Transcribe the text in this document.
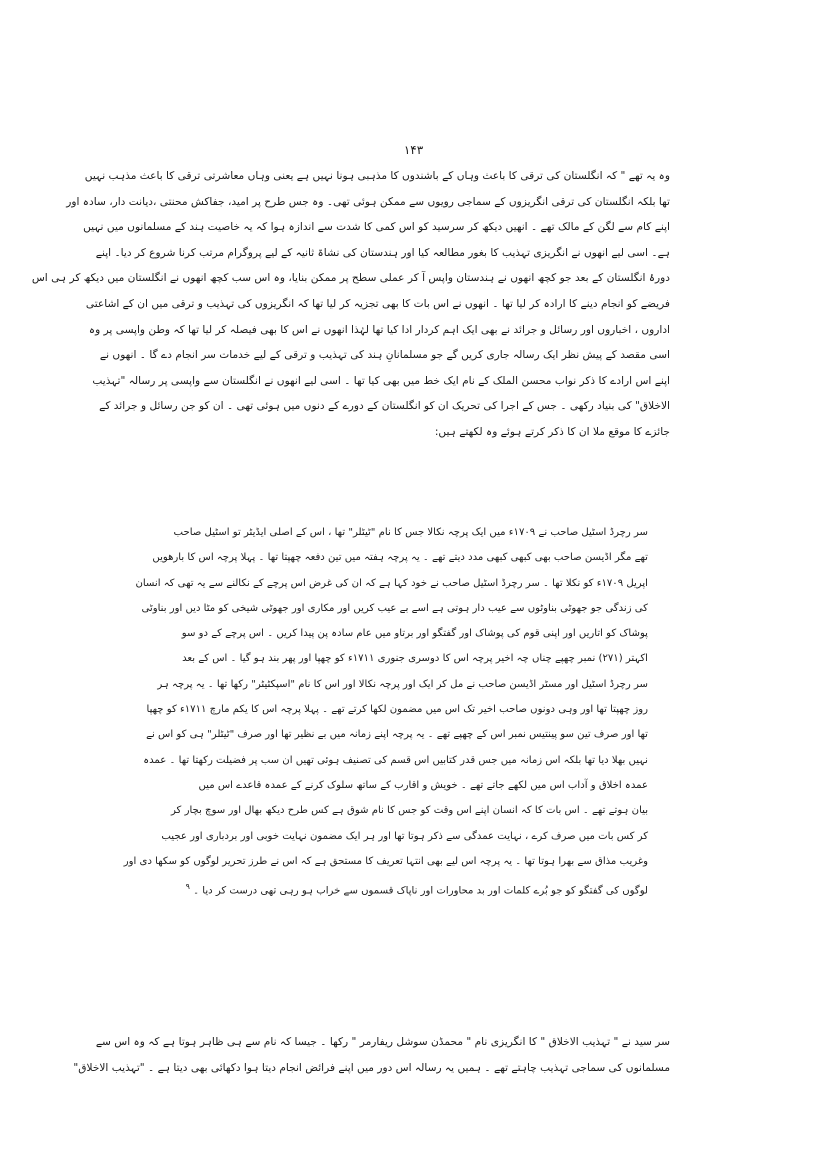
۱۴۳
وہ یہ تھے " کہ انگلستان کی ترقی کا باعث وہاں کے باشندوں کا مذہبی ہونا نہیں ہے یعنی وہاں معاشرتی ترقی کا باعث مذہب نہیں
تھا بلکہ انگلستان کی ترقی انگریزوں کے سماجی رویوں سے ممکن ہوئی تھی۔ وہ جس طرح پر امید، جفاکش محنتی ،دیانت دار، سادہ اور
اپنے کام سے لگن کے مالک تھے ۔ انھیں دیکھ کر سرسید کو اس کمی کا شدت سے اندازہ ہوا کہ یہ خاصیت ہند کے مسلمانوں میں نہیں
ہے۔ اسی لیے انھوں نے انگریزی تہذیب کا بغور مطالعہ کیا اور ہندستان کی نشاۃ ثانیہ کے لیے پروگرام مرتب کرنا شروع کر دیا۔ اپنے
دورۂ انگلستان کے بعد جو کچھ انھوں نے ہندستان واپس آ کر عملی سطح پر ممکن بنایا، وہ اس سب کچھ انھوں نے انگلستان میں دیکھ کر ہی اس
فریضے کو انجام دینے کا ارادہ کر لیا تھا ۔ انھوں نے اس بات کا بھی تجزیہ کر لیا تھا کہ انگریزوں کی تہذیب و ترقی میں ان کے اشاعتی
اداروں ، اخباروں اور رسائل و جرائد نے بھی ایک اہم کردار ادا کیا تھا لہٰذا انھوں نے اس کا بھی فیصلہ کر لیا تھا کہ وطن واپسی پر وہ
اسی مقصد کے پیش نظر ایک رسالہ جاری کریں گے جو مسلمانانِ ہند کی تہذیب و ترقی کے لیے خدمات سر انجام دے گا ۔ انھوں نے
اپنے اس ارادے کا ذکر نواب محسن الملک کے نام ایک خط میں بھی کیا تھا ۔ اسی لیے انھوں نے انگلستان سے واپسی پر رسالہ "تہذیب
الاخلاق" کی بنیاد رکھی ۔ جس کے اجرا کی تحریک ان کو انگلستان کے دورے کے دنوں میں ہوئی تھی ۔ ان کو جن رسائل و جرائد کے
جائزے کا موقع ملا ان کا ذکر کرتے ہوئے وہ لکھتے ہیں:
سر رچرڈ اسٹیل صاحب نے ۱۷۰۹ء میں ایک پرچہ نکالا جس کا نام "ٹیٹلر" تھا ، اس کے اصلی ایڈیٹر تو اسٹیل صاحب
تھے مگر اڈیسن صاحب بھی کبھی کبھی مدد دیتے تھے ۔ یہ پرچہ ہفتہ میں تین دفعہ چھپتا تھا ۔ پہلا پرچہ اس کا بارھویں
اپریل ۱۷۰۹ء کو نکلا تھا ۔ سر رچرڈ اسٹیل صاحب نے خود کہا ہے کہ ان کی غرض اس پرچے کے نکالنے سے یہ تھی کہ انسان
کی زندگی جو جھوٹی بناوٹوں سے عیب دار ہوتی ہے اسے بے عیب کریں اور مکاری اور جھوٹی شیخی کو مٹا دیں اور بناوٹی
پوشاک کو اتاریں اور اپنی قوم کی پوشاک اور گفتگو اور برتاو میں عام سادہ پن پیدا کریں ۔ اس پرچے کے دو سو
اکہتر (۲۷۱) نمبر چھپے چناں چہ اخیر پرچہ اس کا دوسری جنوری ۱۷۱۱ء کو چھپا اور پھر بند ہو گیا ۔ اس کے بعد
سر رچرڈ اسٹیل اور مسٹر اڈیسن صاحب نے مل کر ایک اور پرچہ نکالا اور اس کا نام "اسپکٹیٹر" رکھا تھا ۔ یہ پرچہ ہر
روز چھپتا تھا اور وہی دونوں صاحب اخیر تک اس میں مضمون لکھا کرتے تھے ۔ پہلا پرچہ اس کا یکم مارچ ۱۷۱۱ء کو چھپا
تھا اور صرف تین سو پینتیس نمبر اس کے چھپے تھے ۔ یہ پرچہ اپنے زمانہ میں بے نظیر تھا اور صرف "ٹیٹلر" ہی کو اس نے
نہیں بھلا دیا تھا بلکہ اس زمانہ میں جس قدر کتابیں اس قسم کی تصنیف ہوئی تھیں ان سب پر فضیلت رکھتا تھا ۔ عمدہ
عمدہ اخلاق و آداب اس میں لکھے جاتے تھے ۔ خویش و اقارب کے ساتھ سلوک کرنے کے عمدہ قاعدے اس میں
بیان ہوتے تھے ۔ اس بات کا کہ انسان اپنے اس وقت کو جس کا نام شوق ہے کس طرح دیکھ بھال اور سوچ بچار کر
کر کس بات میں صرف کرے ، نہایت عمدگی سے ذکر ہوتا تھا اور ہر ایک مضمون نہایت خوبی اور بردباری اور عجیب
وغریب مذاق سے بھرا ہوتا تھا ۔ یہ پرچہ اس لیے بھی انتہا تعریف کا مستحق ہے کہ اس نے طرز تحریر لوگوں کو سکھا دی اور
لوگوں کی گفتگو کو جو بُرے کلمات اور بد محاورات اور ناپاک قسموں سے خراب ہو رہی تھی درست کر دیا ۔ $^۹$
سر سید نے " تہذیب الاخلاق " کا انگریزی نام " محمڈن سوشل ریفارمر " رکھا ۔ جیسا کہ نام سے ہی ظاہر ہوتا ہے کہ وہ اس سے
مسلمانوں کی سماجی تہذیب چاہتے تھے ۔ ہمیں یہ رسالہ اس دور میں اپنے فرائض انجام دیتا ہوا دکھائی بھی دیتا ہے ۔ "تہذیب الاخلاق"
